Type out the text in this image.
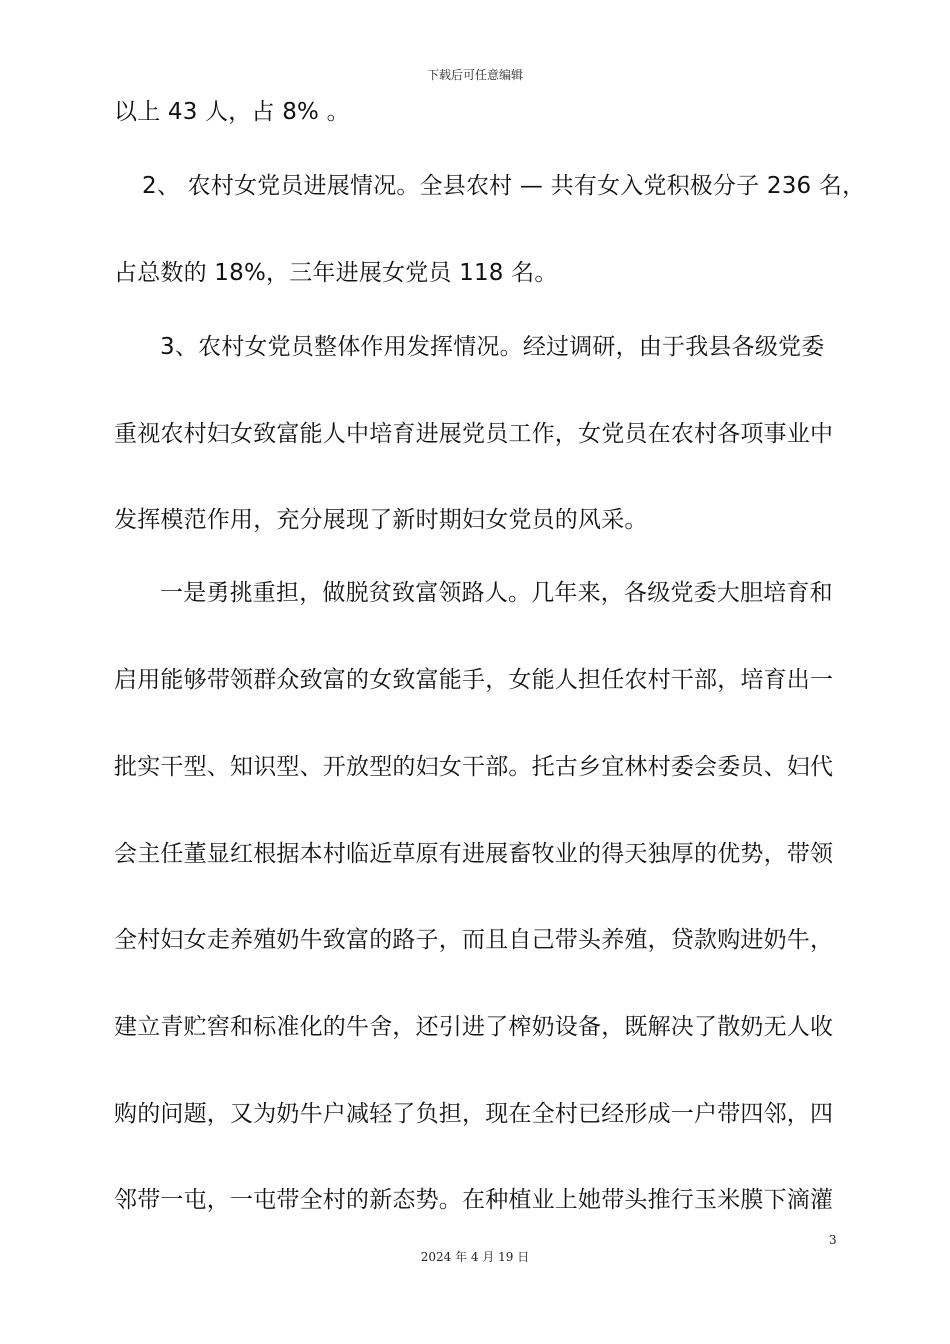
下载后可任意编辑
以上 43 人，占 8% 。
2、 农村女党员进展情况。全县农村 — 共有女入党积极分子 236 名，
占总数的 18%，三年进展女党员 118 名。
3、农村女党员整体作用发挥情况。经过调研，由于我县各级党委
重视农村妇女致富能人中培育进展党员工作，女党员在农村各项事业中
发挥模范作用，充分展现了新时期妇女党员的风采。
一是勇挑重担，做脱贫致富领路人。几年来，各级党委大胆培育和
启用能够带领群众致富的女致富能手，女能人担任农村干部，培育出一
批实干型、知识型、开放型的妇女干部。托古乡宜林村委会委员、妇代
会主任董显红根据本村临近草原有进展畜牧业的得天独厚的优势，带领
全村妇女走养殖奶牛致富的路子，而且自己带头养殖，贷款购进奶牛，
建立青贮窖和标准化的牛舍，还引进了榨奶设备，既解决了散奶无人收
购的问题，又为奶牛户减轻了负担，现在全村已经形成一户带四邻，四
邻带一屯，一屯带全村的新态势。在种植业上她带头推行玉米膜下滴灌
3
2024 年 4 月 19 日
